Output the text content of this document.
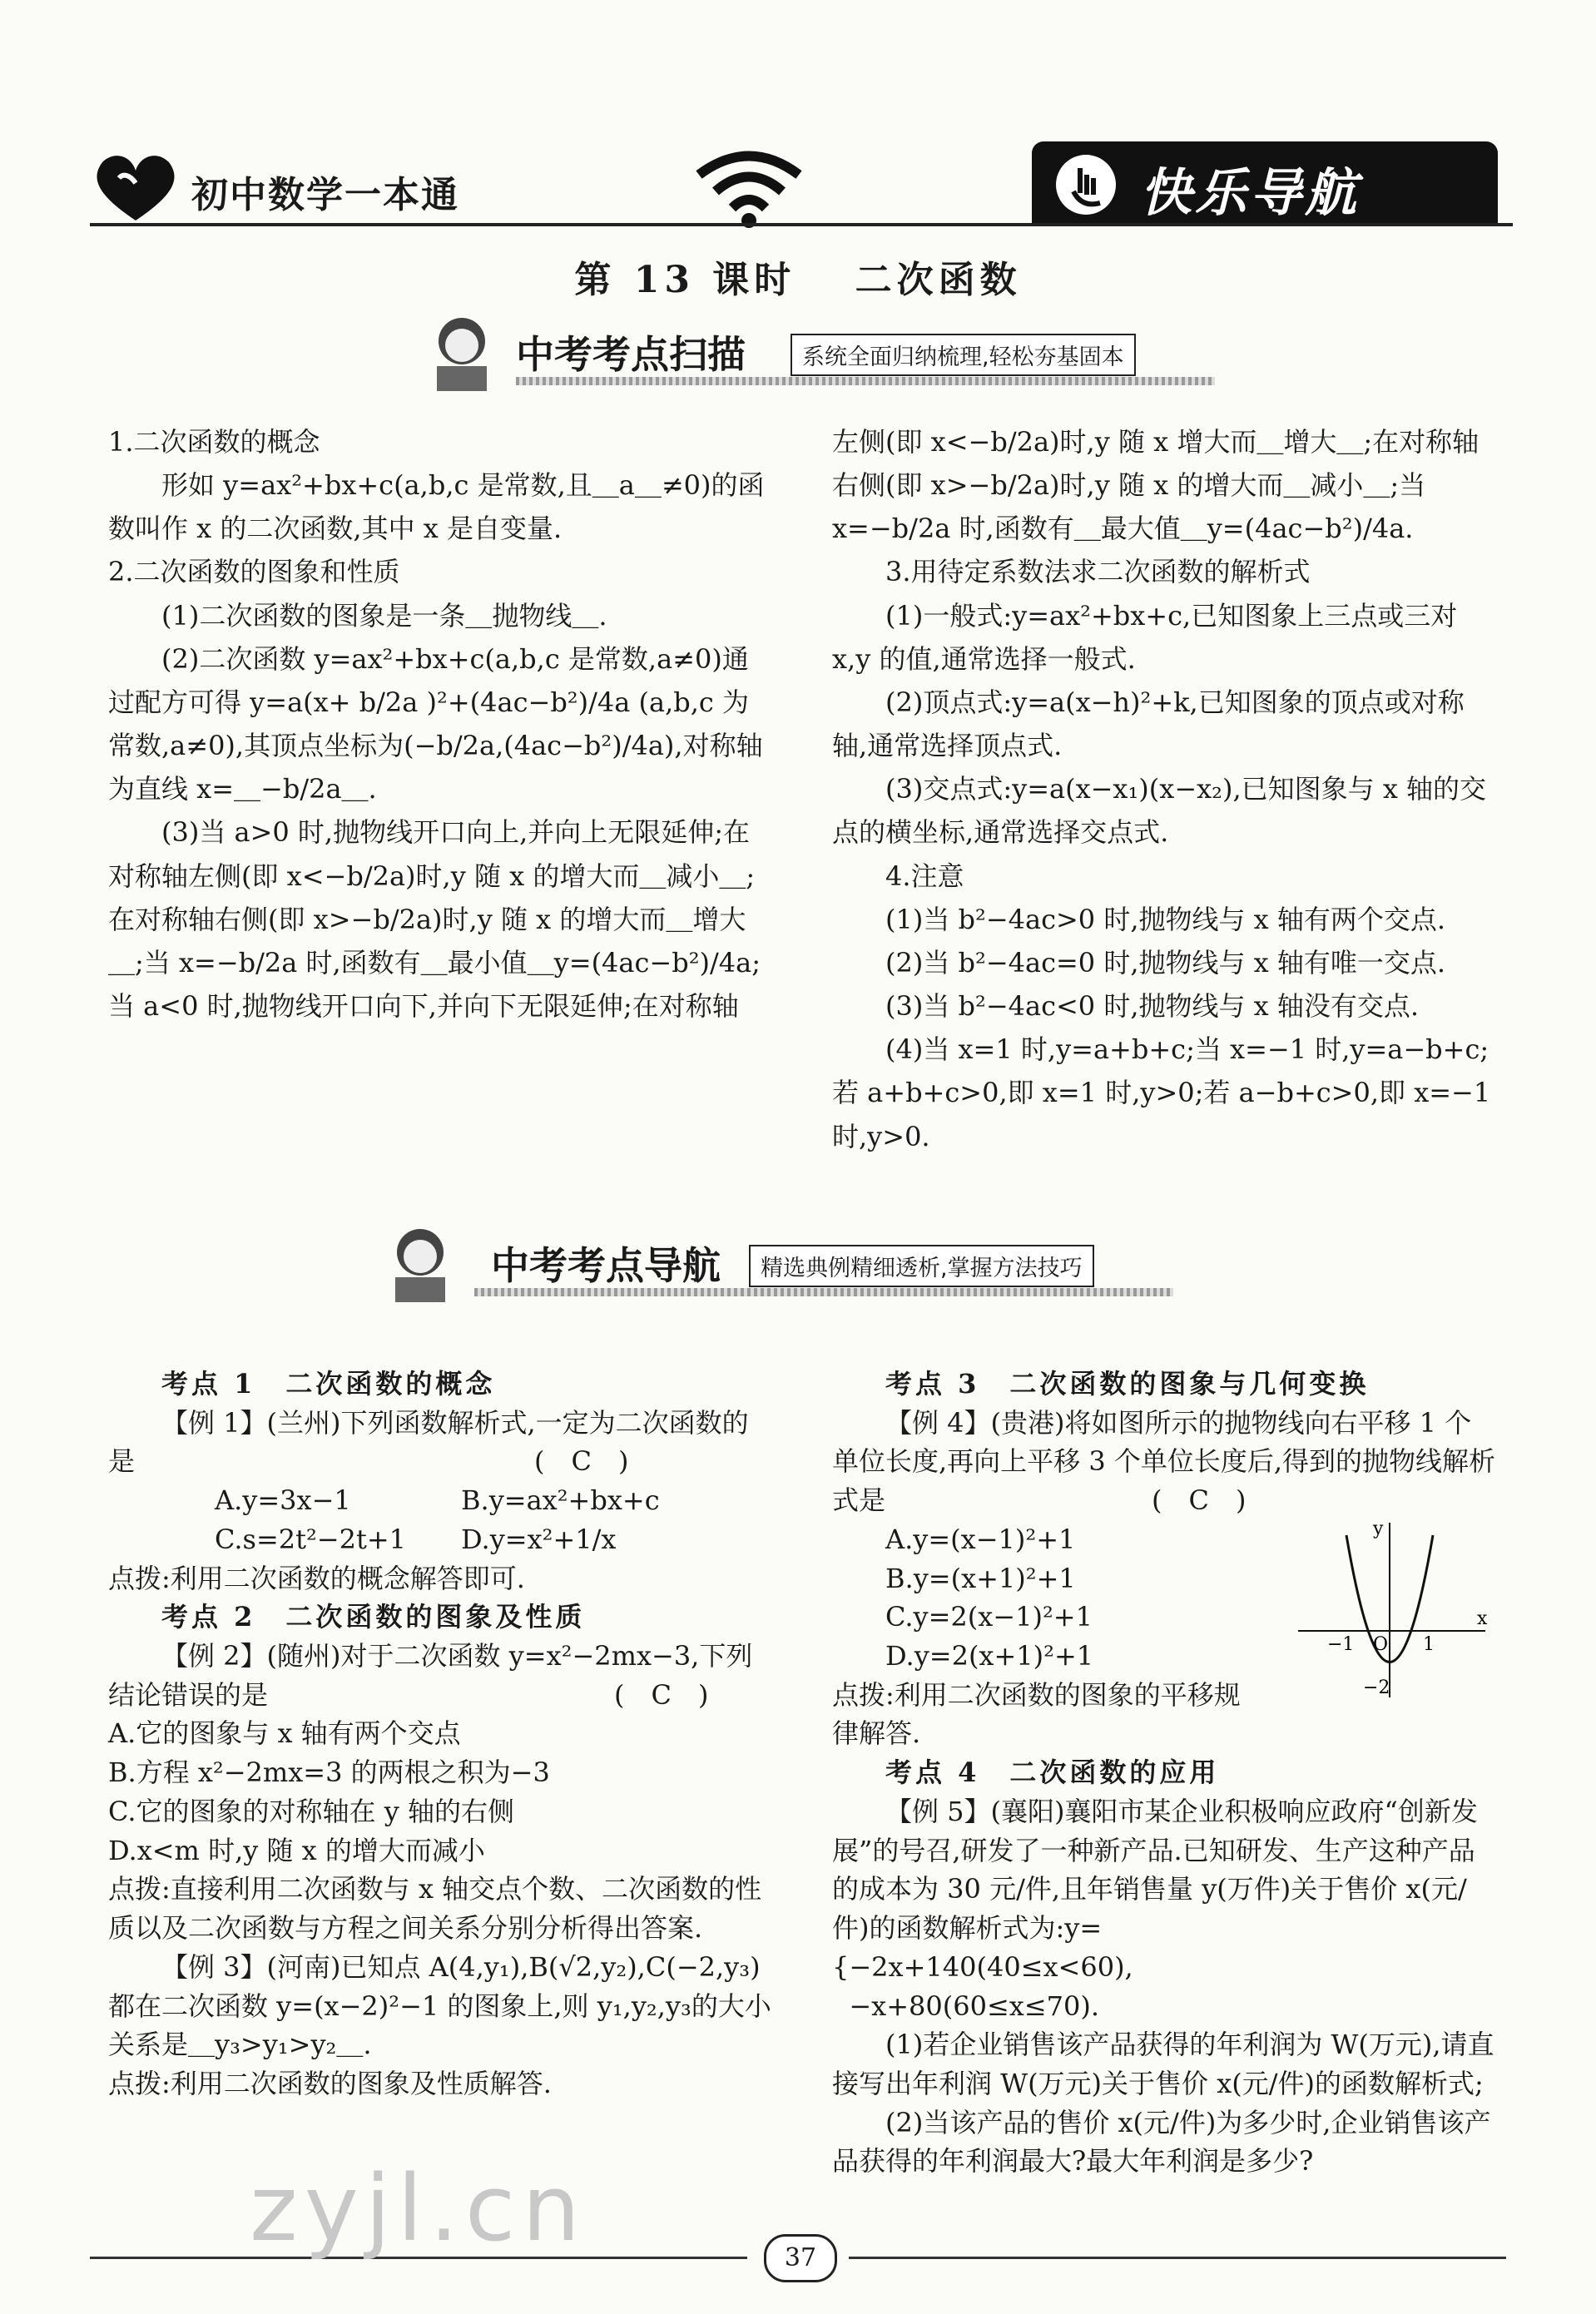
初中数学一本通	快乐导航
第 13 课时　 二次函数
中考考点扫描	系统全面归纳梳理,轻松夯基固本

1.二次函数的概念

形如 y=ax²+bx+c(a,b,c 是常数,且＿a＿≠0)的函数叫作 x 的二次函数,其中 x 是自变量.

2.二次函数的图象和性质

(1)二次函数的图象是一条＿抛物线＿.

(2)二次函数 y=ax²+bx+c(a,b,c 是常数,a≠0)通过配方可得 y=a(x+ b/2a )²+(4ac−b²)/4a (a,b,c 为常数,a≠0),其顶点坐标为(−b/2a,(4ac−b²)/4a),对称轴为直线 x=＿−b/2a＿.

(3)当 a>0 时,抛物线开口向上,并向上无限延伸;在对称轴左侧(即 x<−b/2a)时,y 随 x 的增大而＿减小＿;在对称轴右侧(即 x>−b/2a)时,y 随 x 的增大而＿增大＿;当 x=−b/2a 时,函数有＿最小值＿y=(4ac−b²)/4a;当 a<0 时,抛物线开口向下,并向下无限延伸;在对称轴

左侧(即 x<−b/2a)时,y 随 x 增大而＿增大＿;在对称轴右侧(即 x>−b/2a)时,y 随 x 的增大而＿减小＿;当 x=−b/2a 时,函数有＿最大值＿y=(4ac−b²)/4a.

3.用待定系数法求二次函数的解析式

(1)一般式:y=ax²+bx+c,已知图象上三点或三对 x,y 的值,通常选择一般式.

(2)顶点式:y=a(x−h)²+k,已知图象的顶点或对称轴,通常选择顶点式.

(3)交点式:y=a(x−x₁)(x−x₂),已知图象与 x 轴的交点的横坐标,通常选择交点式.

4.注意

(1)当 b²−4ac>0 时,抛物线与 x 轴有两个交点.

(2)当 b²−4ac=0 时,抛物线与 x 轴有唯一交点.

(3)当 b²−4ac<0 时,抛物线与 x 轴没有交点.

(4)当 x=1 时,y=a+b+c;当 x=−1 时,y=a−b+c;若 a+b+c>0,即 x=1 时,y>0;若 a−b+c>0,即 x=−1 时,y>0.

中考考点导航	精选典例精细透析,掌握方法技巧

考点 1　二次函数的概念

【例 1】(兰州)下列函数解析式,一定为二次函数的是　　　　　　　　　　　　　　　(　C　)

A.y=3x−1	B.y=ax²+bx+c

C.s=2t²−2t+1 D.y=x²+1/x

点拨:利用二次函数的概念解答即可.

考点 2　二次函数的图象及性质

【例 2】(随州)对于二次函数 y=x²−2mx−3,下列结论错误的是　　　　　　　　　　　　　(　C　)

A.它的图象与 x 轴有两个交点

B.方程 x²−2mx=3 的两根之积为−3

C.它的图象的对称轴在 y 轴的右侧

D.x<m 时,y 随 x 的增大而减小

点拨:直接利用二次函数与 x 轴交点个数、二次函数的性质以及二次函数与方程之间关系分别分析得出答案.

【例 3】(河南)已知点 A(4,y₁),B(√2,y₂),C(−2,y₃)都在二次函数 y=(x−2)²−1 的图象上,则 y₁,y₂,y₃的大小关系是＿y₃>y₁>y₂＿.

点拨:利用二次函数的图象及性质解答.

考点 3　二次函数的图象与几何变换

【例 4】(贵港)将如图所示的抛物线向右平移 1 个单位长度,再向上平移 3 个单位长度后,得到的抛物线解析式是　　　　　　　　　　(　C　)

A.y=(x−1)²+1

B.y=(x+1)²+1

C.y=2(x−1)²+1

D.y=2(x+1)²+1

点拨:利用二次函数的图象的平移规律解答.

考点 4　二次函数的应用

【例 5】(襄阳)襄阳市某企业积极响应政府“创新发展”的号召,研发了一种新产品.已知研发、生产这种产品的成本为 30 元/件,且年销售量 y(万件)关于售价 x(元/件)的函数解析式为:y=

{−2x+140(40≤x<60),

−x+80(60≤x≤70).

(1)若企业销售该产品获得的年利润为 W(万元),请直接写出年利润 W(万元)关于售价 x(元/件)的函数解析式;

(2)当该产品的售价 x(元/件)为多少时,企业销售该产品获得的年利润最大?最大年利润是多少?

y
x
O
−1	1
−2
37
zyjl.cn
